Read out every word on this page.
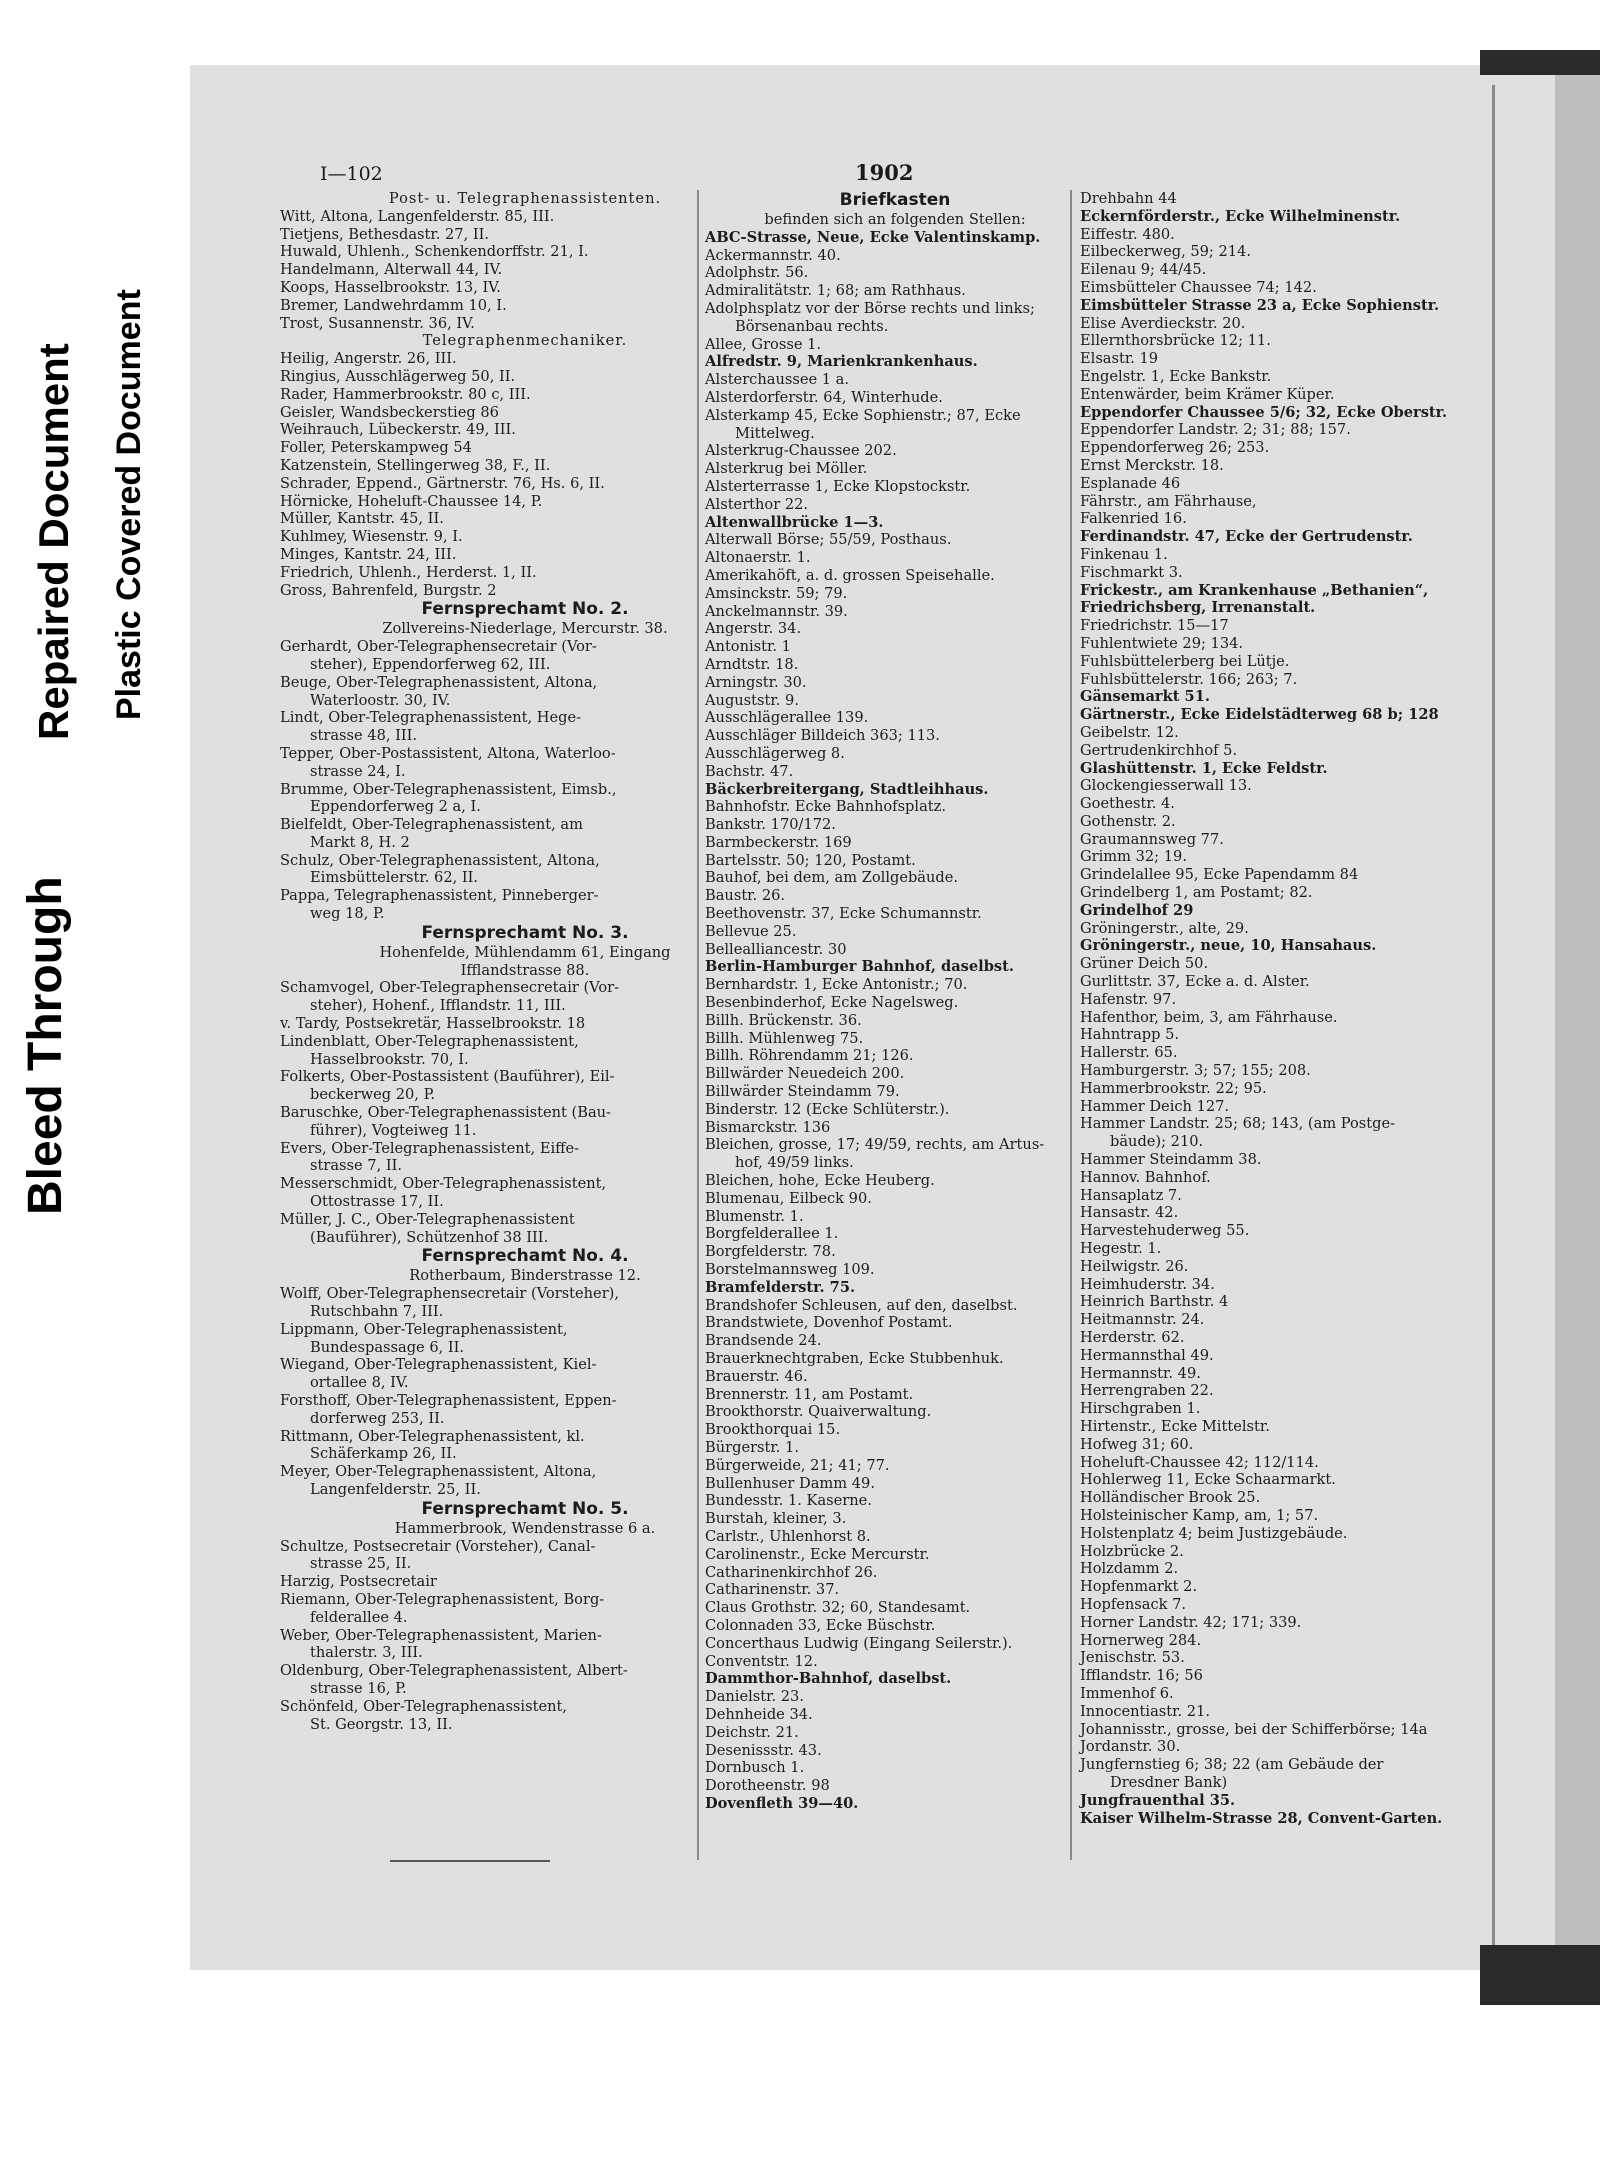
Bleed Through
Repaired Document Plastic Covered Document
I—102	1902
Post- u. Telegraphenassistenten.
Witt, Altona, Langenfelderstr. 85, III.
Tietjens, Bethesdastr. 27, II.
Huwald, Uhlenh., Schenkendorffstr. 21, I.
Handelmann, Alterwall 44, IV.
Koops, Hasselbrookstr. 13, IV.
Bremer, Landwehrdamm 10, I.
Trost, Susannenstr. 36, IV.
Telegraphenmechaniker.
Heilig, Angerstr. 26, III.
Ringius, Ausschlägerweg 50, II.
Rader, Hammerbrookstr. 80 c, III.
Geisler, Wandsbeckerstieg 86
Weihrauch, Lübeckerstr. 49, III.
Foller, Peterskampweg 54
Katzenstein, Stellingerweg 38, F., II.
Schrader, Eppend., Gärtnerstr. 76, Hs. 6, II.
Hörnicke, Hoheluft-Chaussee 14, P.
Müller, Kantstr. 45, II.
Kuhlmey, Wiesenstr. 9, I.
Minges, Kantstr. 24, III.
Friedrich, Uhlenh., Herderst. 1, II.
Gross, Bahrenfeld, Burgstr. 2
Fernsprechamt No. 2.
Zollvereins-Niederlage, Mercurstr. 38.
Gerhardt, Ober-Telegraphensecretair (Vor-
steher), Eppendorferweg 62, III.
Beuge, Ober-Telegraphenassistent, Altona,
Waterloostr. 30, IV.
Lindt, Ober-Telegraphenassistent, Hege-
strasse 48, III.
Tepper, Ober-Postassistent, Altona, Waterloo-
strasse 24, I.
Brumme, Ober-Telegraphenassistent, Eimsb.,
Eppendorferweg 2 a, I.
Bielfeldt, Ober-Telegraphenassistent, am
Markt 8, H. 2
Schulz, Ober-Telegraphenassistent, Altona,
Eimsbüttelerstr. 62, II.
Pappa, Telegraphenassistent, Pinneberger-
weg 18, P.
Fernsprechamt No. 3.
Hohenfelde, Mühlendamm 61, Eingang
Ifflandstrasse 88.
Schamvogel, Ober-Telegraphensecretair (Vor-
steher), Hohenf., Ifflandstr. 11, III.
v. Tardy, Postsekretär, Hasselbrookstr. 18
Lindenblatt, Ober-Telegraphenassistent,
Hasselbrookstr. 70, I.
Folkerts, Ober-Postassistent (Bauführer), Eil-
beckerweg 20, P.
Baruschke, Ober-Telegraphenassistent (Bau-
führer), Vogteiweg 11.
Evers, Ober-Telegraphenassistent, Eiffe-
strasse 7, II.
Messerschmidt, Ober-Telegraphenassistent,
Ottostrasse 17, II.
Müller, J. C., Ober-Telegraphenassistent
(Bauführer), Schützenhof 38 III.
Fernsprechamt No. 4.
Rotherbaum, Binderstrasse 12.
Wolff, Ober-Telegraphensecretair (Vorsteher),
Rutschbahn 7, III.
Lippmann, Ober-Telegraphenassistent,
Bundespassage 6, II.
Wiegand, Ober-Telegraphenassistent, Kiel-
ortallee 8, IV.
Forsthoff, Ober-Telegraphenassistent, Eppen-
dorferweg 253, II.
Rittmann, Ober-Telegraphenassistent, kl.
Schäferkamp 26, II.
Meyer, Ober-Telegraphenassistent, Altona,
Langenfelderstr. 25, II.
Fernsprechamt No. 5.
Hammerbrook, Wendenstrasse 6 a.
Schultze, Postsecretair (Vorsteher), Canal-
strasse 25, II.
Harzig, Postsecretair
Riemann, Ober-Telegraphenassistent, Borg-
felderallee 4.
Weber, Ober-Telegraphenassistent, Marien-
thalerstr. 3, III.
Oldenburg, Ober-Telegraphenassistent, Albert-
strasse 16, P.
Schönfeld, Ober-Telegraphenassistent,
St. Georgstr. 13, II.
Briefkasten
befinden sich an folgenden Stellen:
ABC-Strasse, Neue, Ecke Valentinskamp.
Ackermannstr. 40.
Adolphstr. 56.
Admiralitätstr. 1; 68; am Rathhaus.
Adolphsplatz vor der Börse rechts und links;
Börsenanbau rechts.
Allee, Grosse 1.
Alfredstr. 9, Marienkrankenhaus.
Alsterchaussee 1 a.
Alsterdorferstr. 64, Winterhude.
Alsterkamp 45, Ecke Sophienstr.; 87, Ecke
Mittelweg.
Alsterkrug-Chaussee 202.
Alsterkrug bei Möller.
Alsterterrasse 1, Ecke Klopstockstr.
Alsterthor 22.
Altenwallbrücke 1—3.
Alterwall Börse; 55/59, Posthaus.
Altonaerstr. 1.
Amerikahöft, a. d. grossen Speisehalle.
Amsinckstr. 59; 79.
Anckelmannstr. 39.
Angerstr. 34.
Antonistr. 1
Arndtstr. 18.
Arningstr. 30.
Auguststr. 9.
Ausschlägerallee 139.
Ausschläger Billdeich 363; 113.
Ausschlägerweg 8.
Bachstr. 47.
Bäckerbreitergang, Stadtleihhaus.
Bahnhofstr. Ecke Bahnhofsplatz.
Bankstr. 170/172.
Barmbeckerstr. 169
Bartelsstr. 50; 120, Postamt.
Bauhof, bei dem, am Zollgebäude.
Baustr. 26.
Beethovenstr. 37, Ecke Schumannstr.
Bellevue 25.
Bellealliancestr. 30
Berlin-Hamburger Bahnhof, daselbst.
Bernhardstr. 1, Ecke Antonistr.; 70.
Besenbinderhof, Ecke Nagelsweg.
Billh. Brückenstr. 36.
Billh. Mühlenweg 75.
Billh. Röhrendamm 21; 126.
Billwärder Neuedeich 200.
Billwärder Steindamm 79.
Binderstr. 12 (Ecke Schlüterstr.).
Bismarckstr. 136
Bleichen, grosse, 17; 49/59, rechts, am Artus-
hof, 49/59 links.
Bleichen, hohe, Ecke Heuberg.
Blumenau, Eilbeck 90.
Blumenstr. 1.
Borgfelderallee 1.
Borgfelderstr. 78.
Borstelmannsweg 109.
Bramfelderstr. 75.
Brandshofer Schleusen, auf den, daselbst.
Brandstwiete, Dovenhof Postamt.
Brandsende 24.
Brauerknechtgraben, Ecke Stubbenhuk.
Brauerstr. 46.
Brennerstr. 11, am Postamt.
Brookthorstr. Quaiverwaltung.
Brookthorquai 15.
Bürgerstr. 1.
Bürgerweide, 21; 41; 77.
Bullenhuser Damm 49.
Bundesstr. 1. Kaserne.
Burstah, kleiner, 3.
Carlstr., Uhlenhorst 8.
Carolinenstr., Ecke Mercurstr.
Catharinenkirchhof 26.
Catharinenstr. 37.
Claus Grothstr. 32; 60, Standesamt.
Colonnaden 33, Ecke Büschstr.
Concerthaus Ludwig (Eingang Seilerstr.).
Conventstr. 12.
Dammthor-Bahnhof, daselbst.
Danielstr. 23.
Dehnheide 34.
Deichstr. 21.
Desenissstr. 43.
Dornbusch 1.
Dorotheenstr. 98
Dovenfleth 39—40.
Drehbahn 44
Eckernförderstr., Ecke Wilhelminenstr.
Eiffestr. 480.
Eilbeckerweg, 59; 214.
Eilenau 9; 44/45.
Eimsbütteler Chaussee 74; 142.
Eimsbütteler Strasse 23 a, Ecke Sophienstr.
Elise Averdieckstr. 20.
Ellernthorsbrücke 12; 11.
Elsastr. 19
Engelstr. 1, Ecke Bankstr.
Entenwärder, beim Krämer Küper.
Eppendorfer Chaussee 5/6; 32, Ecke Oberstr.
Eppendorfer Landstr. 2; 31; 88; 157.
Eppendorferweg 26; 253.
Ernst Merckstr. 18.
Esplanade 46
Fährstr., am Fährhause,
Falkenried 16.
Ferdinandstr. 47, Ecke der Gertrudenstr.
Finkenau 1.
Fischmarkt 3.
Frickestr., am Krankenhause „Bethanien“,
Friedrichsberg, Irrenanstalt.
Friedrichstr. 15—17
Fuhlentwiete 29; 134.
Fuhlsbüttelerberg bei Lütje.
Fuhlsbüttelerstr. 166; 263; 7.
Gänsemarkt 51.
Gärtnerstr., Ecke Eidelstädterweg 68 b; 128
Geibelstr. 12.
Gertrudenkirchhof 5.
Glashüttenstr. 1, Ecke Feldstr.
Glockengiesserwall 13.
Goethestr. 4.
Gothenstr. 2.
Graumannsweg 77.
Grimm 32; 19.
Grindelallee 95, Ecke Papendamm 84
Grindelberg 1, am Postamt; 82.
Grindelhof 29
Gröningerstr., alte, 29.
Gröningerstr., neue, 10, Hansahaus.
Grüner Deich 50.
Gurlittstr. 37, Ecke a. d. Alster.
Hafenstr. 97.
Hafenthor, beim, 3, am Fährhause.
Hahntrapp 5.
Hallerstr. 65.
Hamburgerstr. 3; 57; 155; 208.
Hammerbrookstr. 22; 95.
Hammer Deich 127.
Hammer Landstr. 25; 68; 143, (am Postge-
bäude); 210.
Hammer Steindamm 38.
Hannov. Bahnhof.
Hansaplatz 7.
Hansastr. 42.
Harvestehuderweg 55.
Hegestr. 1.
Heilwigstr. 26.
Heimhuderstr. 34.
Heinrich Barthstr. 4
Heitmannstr. 24.
Herderstr. 62.
Hermannsthal 49.
Hermannstr. 49.
Herrengraben 22.
Hirschgraben 1.
Hirtenstr., Ecke Mittelstr.
Hofweg 31; 60.
Hoheluft-Chaussee 42; 112/114.
Hohlerweg 11, Ecke Schaarmarkt.
Holländischer Brook 25.
Holsteinischer Kamp, am, 1; 57.
Holstenplatz 4; beim Justizgebäude.
Holzbrücke 2.
Holzdamm 2.
Hopfenmarkt 2.
Hopfensack 7.
Horner Landstr. 42; 171; 339.
Hornerweg 284.
Jenischstr. 53.
Ifflandstr. 16; 56
Immenhof 6.
Innocentiastr. 21.
Johannisstr., grosse, bei der Schifferbörse; 14a
Jordanstr. 30.
Jungfernstieg 6; 38; 22 (am Gebäude der
Dresdner Bank)
Jungfrauenthal 35.
Kaiser Wilhelm-Strasse 28, Convent-Garten.
